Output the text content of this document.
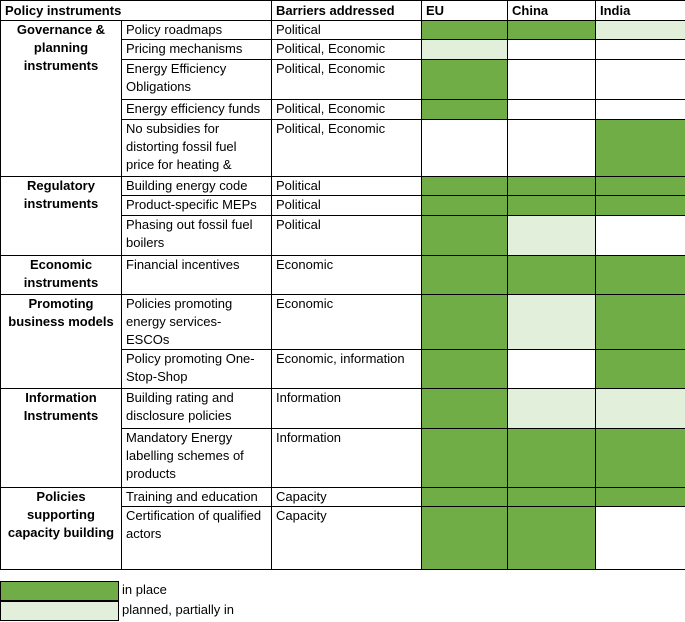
Policy instruments		Barriers addressed	EU	China	India
Governance & planning instruments	Policy roadmaps	Political			
	Pricing mechanisms	Political, Economic			
	Energy Efficiency Obligations	Political, Economic			
	Energy efficiency funds	Political, Economic			
	No subsidies for distorting fossil fuel price for heating &	Political, Economic			
Regulatory instruments	Building energy code	Political			
	Product-specific MEPs	Political			
	Phasing out fossil fuel boilers	Political			
Economic instruments	Financial incentives	Economic			
Promoting business models	Policies promoting energy services- ESCOs	Economic			
	Policy promoting One-Stop-Shop	Economic, information			
Information Instruments	Building rating and disclosure policies	Information			
	Mandatory Energy labelling schemes of products	Information			
Policies supporting capacity building	Training and education	Capacity			
	Certification of qualified actors	Capacity			
in place
planned, partially in
